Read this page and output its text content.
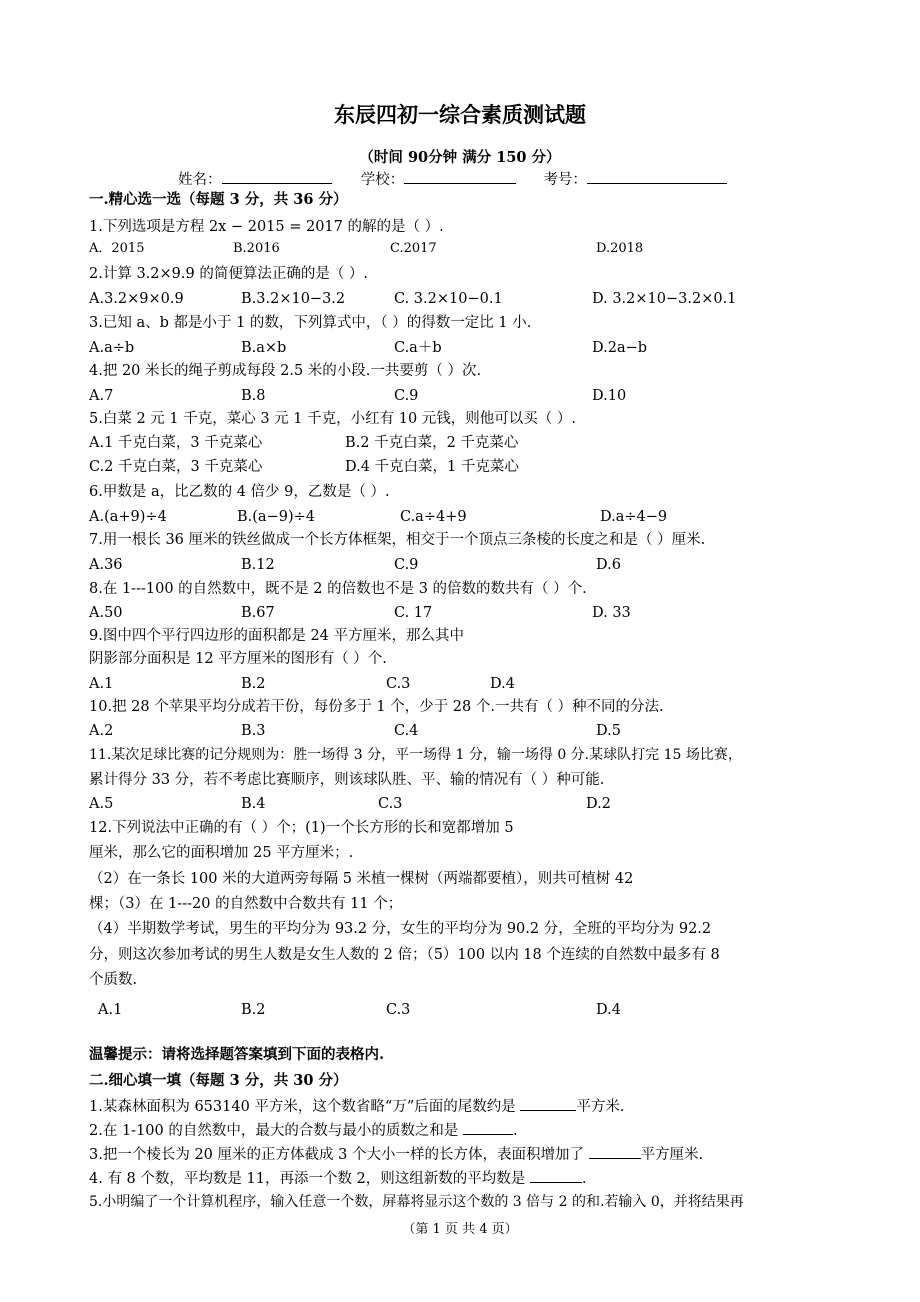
东辰四初一综合素质测试题
（时间 90分钟 满分 150 分）
姓名：	学校：	考号：
一.精心选一选（每题 3 分，共 36 分）
1.下列选项是方程 2x − 2015 = 2017 的解的是（ ）.
A．2015	B.2016	C.2017	D.2018
2.计算 3.2×9.9 的简便算法正确的是（ ）.
A.3.2×9×0.9	B.3.2×10−3.2	C. 3.2×10−0.1	D. 3.2×10−3.2×0.1
3.已知 a、b 都是小于 1 的数，下列算式中，（ ）的得数一定比 1 小.
A.a÷b	B.a×b	C.a＋b	D.2a−b
4.把 20 米长的绳子剪成每段 2.5 米的小段.一共要剪（ ）次.
A.7	B.8	C.9	D.10
5.白菜 2 元 1 千克，菜心 3 元 1 千克，小红有 10 元钱，则他可以买（ ）.
A.1 千克白菜，3 千克菜心	B.2 千克白菜，2 千克菜心
C.2 千克白菜，3 千克菜心	D.4 千克白菜，1 千克菜心
6.甲数是 a，比乙数的 4 倍少 9，乙数是（ ）.
A.(a+9)÷4	B.(a−9)÷4	C.a÷4+9	D.a÷4−9
7.用一根长 36 厘米的铁丝做成一个长方体框架，相交于一个顶点三条棱的长度之和是（ ）厘米.
A.36	B.12	C.9	D.6
8.在 1---100 的自然数中，既不是 2 的倍数也不是 3 的倍数的数共有（ ）个.
A.50	B.67	C. 17	D. 33
9.图中四个平行四边形的面积都是 24 平方厘米，那么其中
阴影部分面积是 12 平方厘米的图形有（ ）个.
A.1	B.2	C.3	D.4
10.把 28 个苹果平均分成若干份，每份多于 1 个，少于 28 个.一共有（ ）种不同的分法.
A.2	B.3	C.4	D.5
11.某次足球比赛的记分规则为：胜一场得 3 分，平一场得 1 分，输一场得 0 分.某球队打完 15 场比赛，
累计得分 33 分，若不考虑比赛顺序，则该球队胜、平、输的情况有（ ）种可能.
A.5	B.4	C.3	D.2
12.下列说法中正确的有（ ）个；(1)一个长方形的长和宽都增加 5
厘米，那么它的面积增加 25 平方厘米；.
（2）在一条长 100 米的大道两旁每隔 5 米植一棵树（两端都要植），则共可植树 42
棵；（3）在 1---20 的自然数中合数共有 11 个；
（4）半期数学考试，男生的平均分为 93.2 分，女生的平均分为 90.2 分，全班的平均分为 92.2
分，则这次参加考试的男生人数是女生人数的 2 倍；（5）100 以内 18 个连续的自然数中最多有 8
个质数.
A.1	B.2	C.3	D.4
温馨提示：请将选择题答案填到下面的表格内.
二.细心填一填（每题 3 分，共 30 分）
1.某森林面积为 653140 平方米，这个数省略“万”后面的尾数约是	平方米.
2.在 1-100 的自然数中，最大的合数与最小的质数之和是	.
3.把一个棱长为 20 厘米的正方体截成 3 个大小一样的长方体，表面积增加了	平方厘米.
4. 有 8 个数，平均数是 11，再添一个数 2，则这组新数的平均数是	.
5.小明编了一个计算机程序，输入任意一个数，屏幕将显示这个数的 3 倍与 2 的和.若输入 0，并将结果再
（第 1 页 共 4 页）
